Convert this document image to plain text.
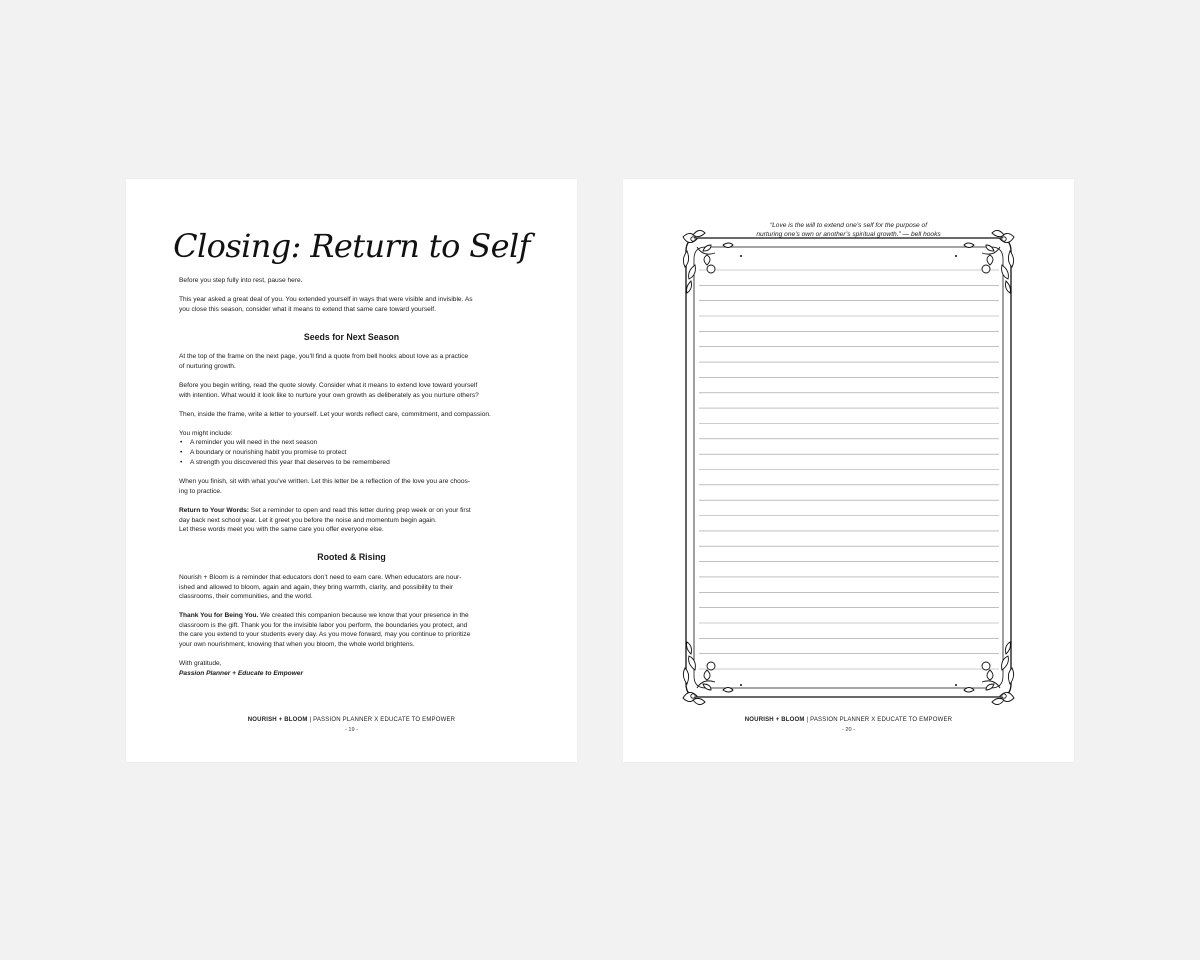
Closing: Return to Self

Before you step fully into rest, pause here.

This year asked a great deal of you. You extended yourself in ways that were visible and invisible. As

you close this season, consider what it means to extend that same care toward yourself.

Seeds for Next Season

At the top of the frame on the next page, you’ll find a quote from bell hooks about love as a practice

of nurturing growth.

Before you begin writing, read the quote slowly. Consider what it means to extend love toward yourself

with intention. What would it look like to nurture your own growth as deliberately as you nurture others?

Then, inside the frame, write a letter to yourself. Let your words reflect care, commitment, and compassion.

You might include:

• A reminder you will need in the next season

• A boundary or nourishing habit you promise to protect

• A strength you discovered this year that deserves to be remembered

When you finish, sit with what you’ve written. Let this letter be a reflection of the love you are choos-

ing to practice.

Return to Your Words: Set a reminder to open and read this letter during prep week or on your first

day back next school year. Let it greet you before the noise and momentum begin again.

Let these words meet you with the same care you offer everyone else.

Rooted & Rising

Nourish + Bloom is a reminder that educators don’t need to earn care. When educators are nour-

ished and allowed to bloom, again and again, they bring warmth, clarity, and possibility to their

classrooms, their communities, and the world.

Thank You for Being You. We created this companion because we know that your presence in the

classroom is the gift. Thank you for the invisible labor you perform, the boundaries you protect, and

the care you extend to your students every day. As you move forward, may you continue to prioritize

your own nourishment, knowing that when you bloom, the whole world brightens.

With gratitude,

Passion Planner + Educate to Empower

NOURISH + BLOOM | PASSION PLANNER X EDUCATE TO EMPOWER
- 19 -
“Love is the will to extend one’s self for the purpose of
nurturing one’s own or another’s spiritual growth.” — bell hooks
NOURISH + BLOOM | PASSION PLANNER X EDUCATE TO EMPOWER
- 20 -
